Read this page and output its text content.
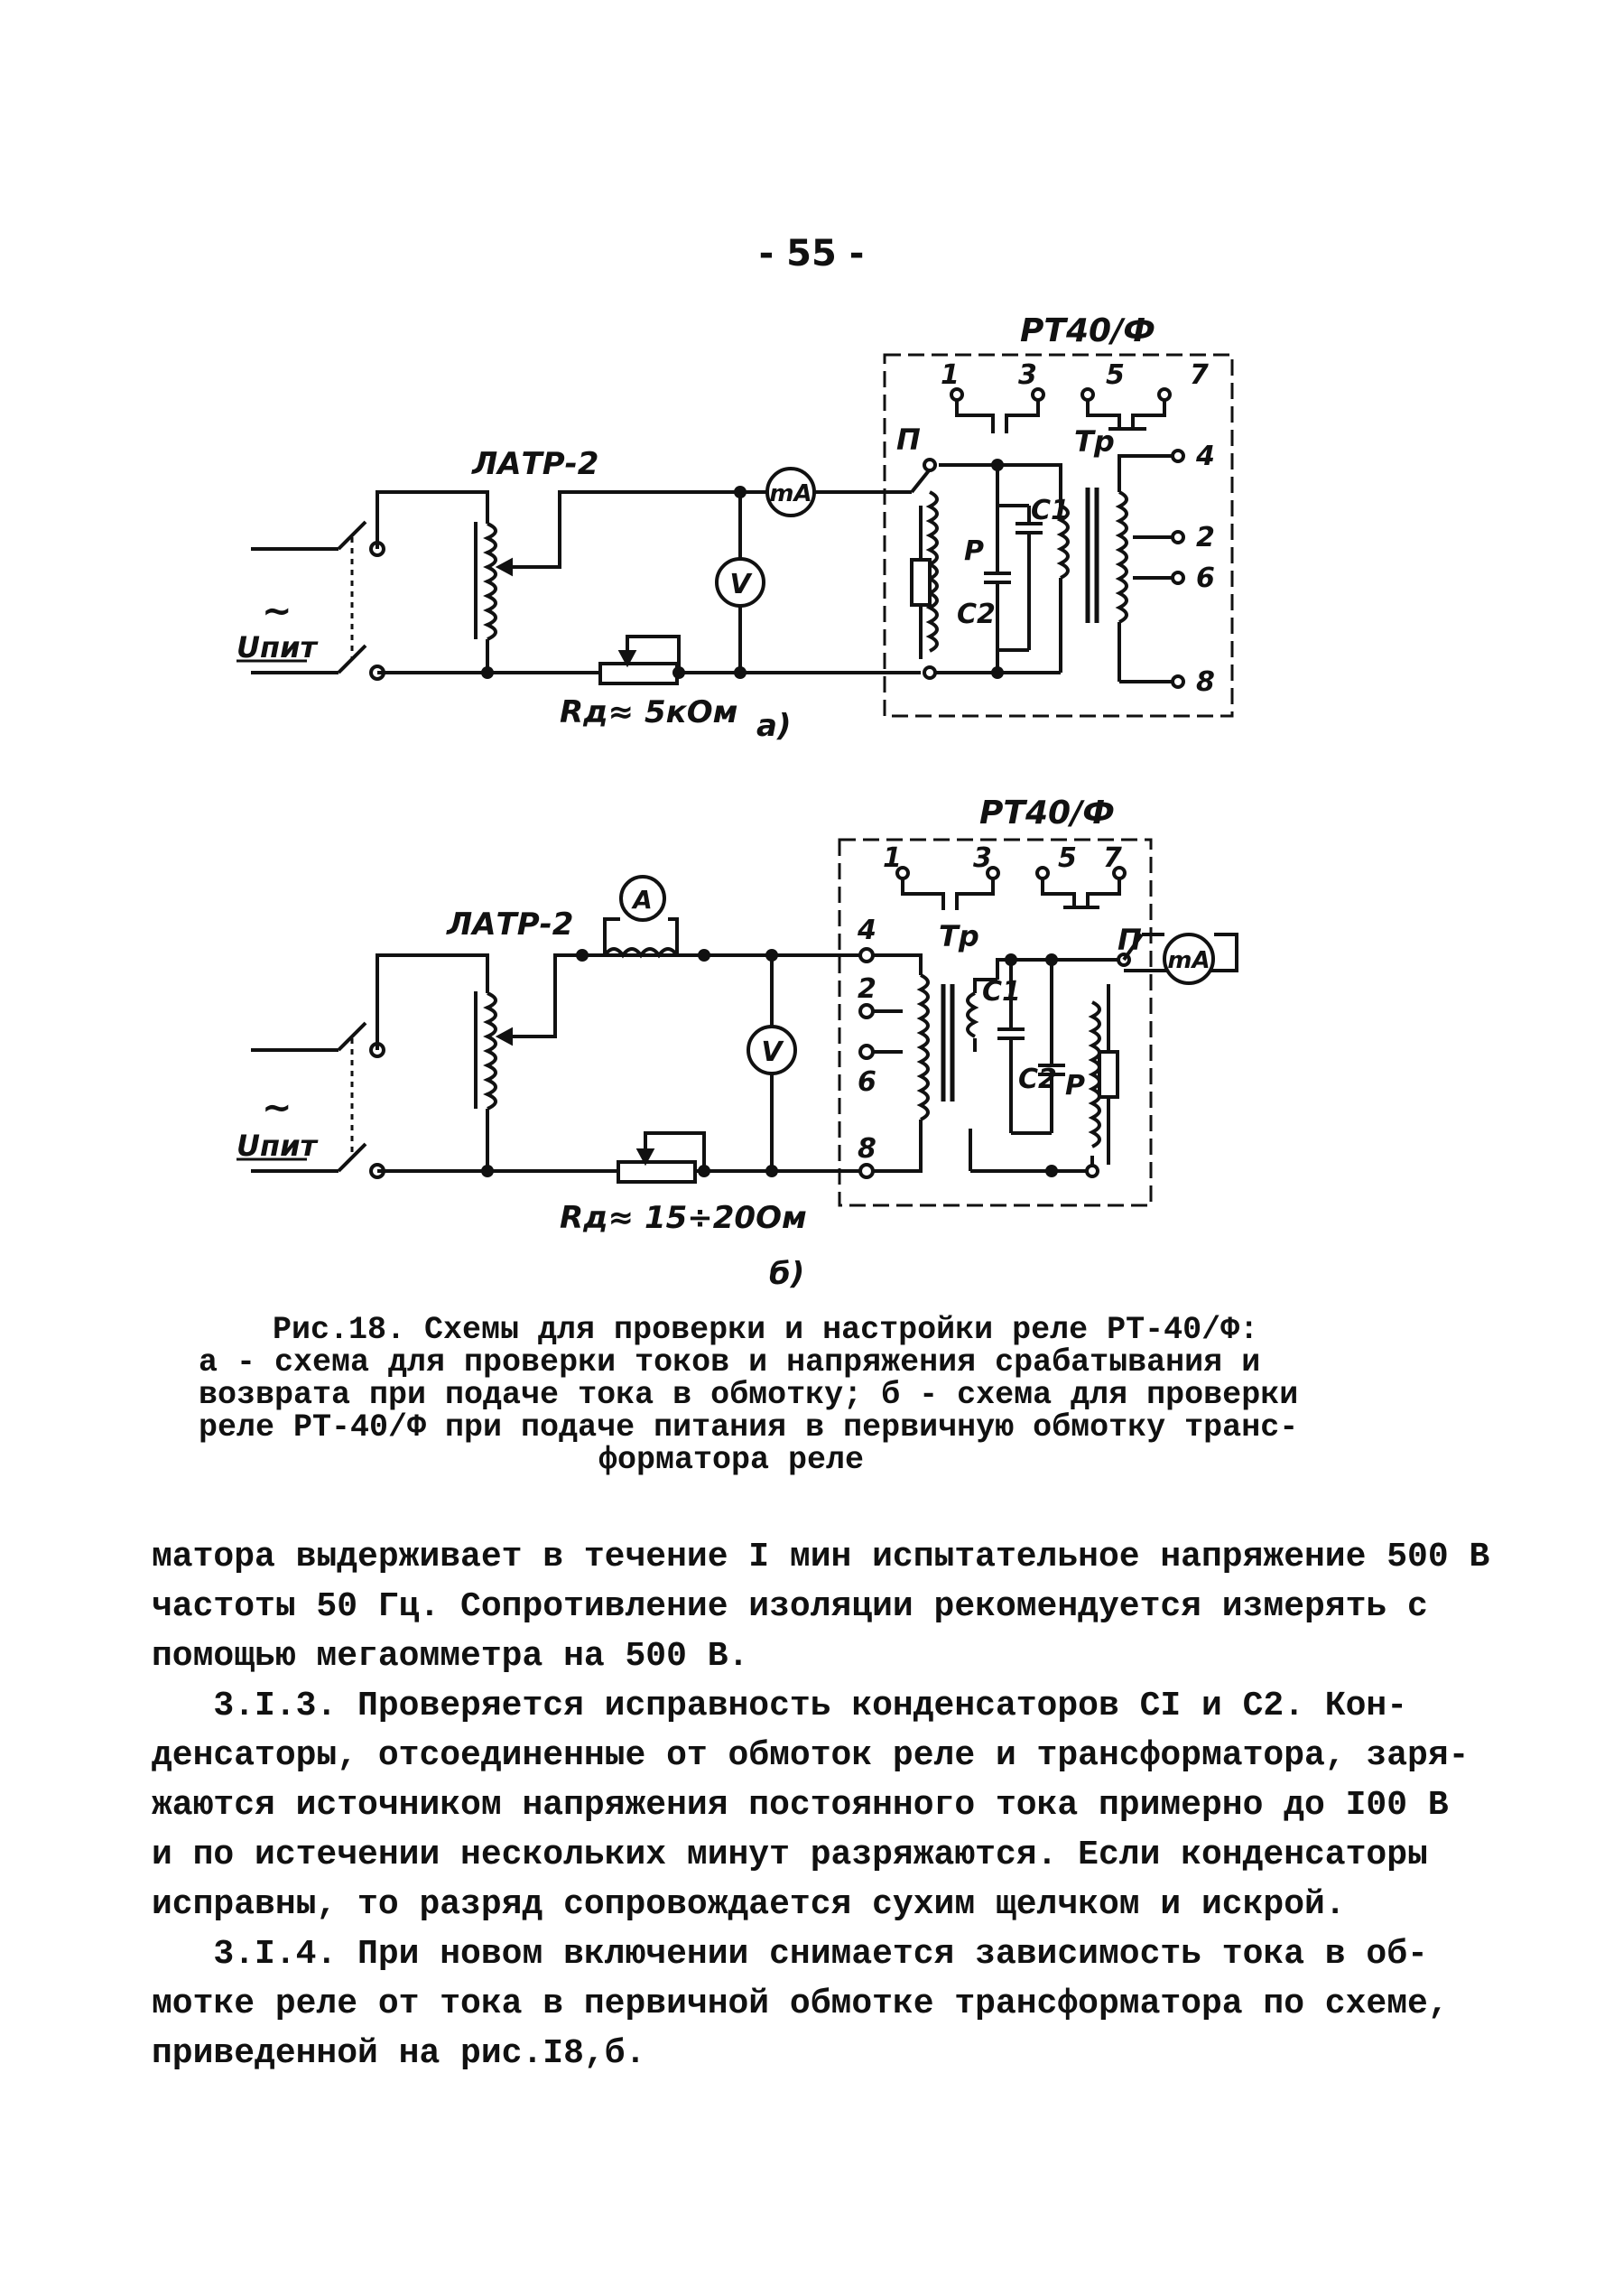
- 55 -
mA
V
РТ40/Ф
ЛАТР-2
Rд≈ 5кОм
~
Uпит
а)
Тр
П
C1
C2
Р
1 3	5 7
4
2
6
8
A
V
mA
РТ40/Ф
ЛАТР-2
Rд≈ 15÷20Ом
~
Uпит
б)
Тр	П
C1
C2 Р
1	3 5 7
4
2
6
8
Рис.18. Схемы для проверки и настройки реле РТ-40/Ф:
а - схема для проверки токов и напряжения срабатывания и
возврата при подаче тока в обмотку; б - схема для проверки
реле РТ-40/Ф при подаче питания в первичную обмотку транс-
форматора реле

матора выдерживает в течение I мин испытательное напряжение 500 В

частоты 50 Гц. Сопротивление изоляции рекомендуется измерять с

помощью мегаомметра на 500 В.

3.I.3. Проверяется исправность конденсаторов СI и С2. Кон-

денсаторы, отсоединенные от обмоток реле и трансформатора, заря-

жаются источником напряжения постоянного тока примерно до I00 В

и по истечении нескольких минут разряжаются. Если конденсаторы

исправны, то разряд сопровождается сухим щелчком и искрой.

3.I.4. При новом включении снимается зависимость тока в об-

мотке реле от тока в первичной обмотке трансформатора по схеме,

приведенной на рис.I8,б.
